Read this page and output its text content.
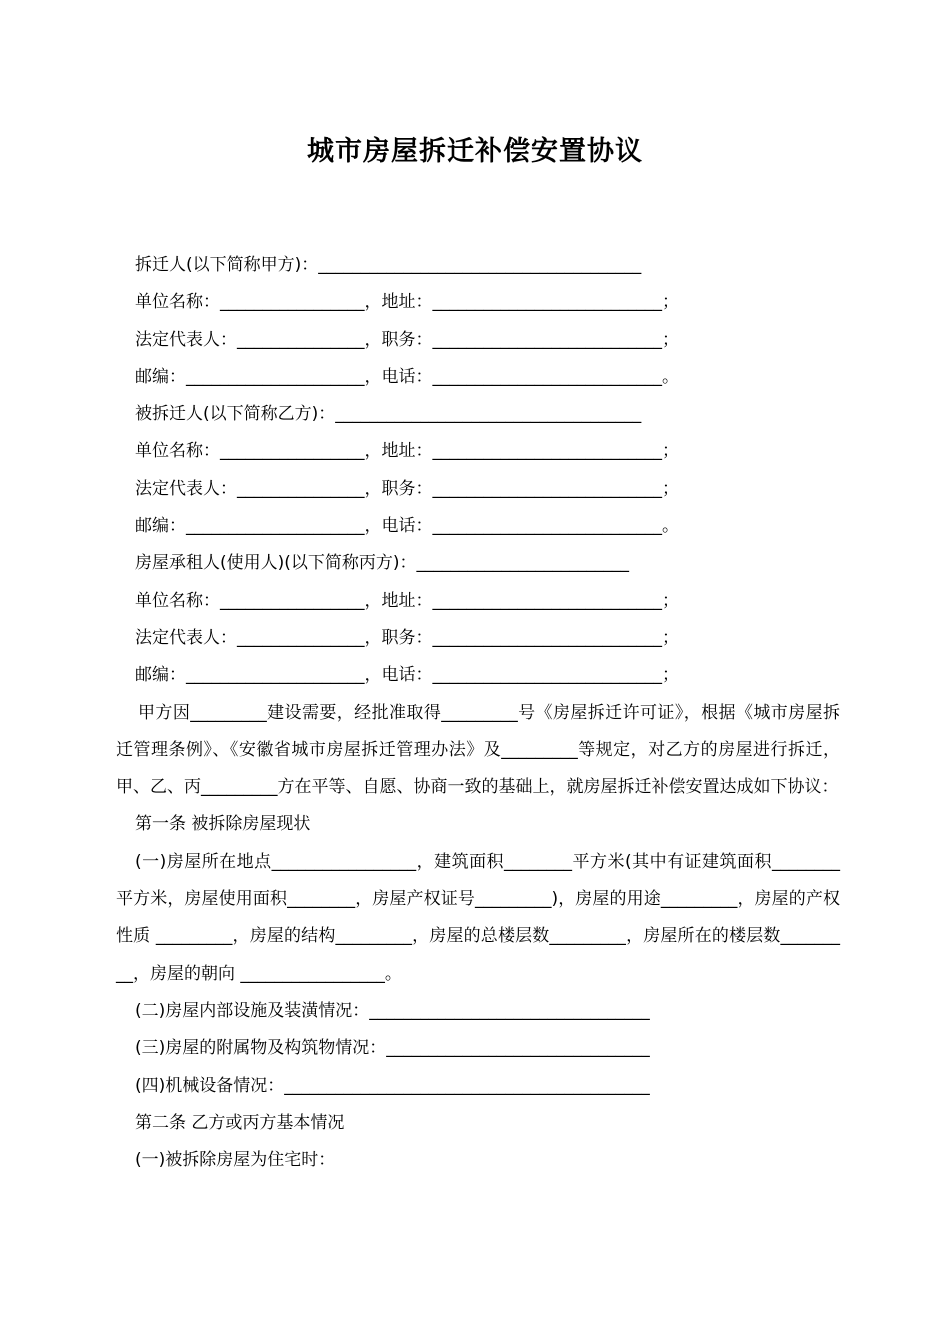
城市房屋拆迁补偿安置协议
拆迁人(以下简称甲方)：______________________________________
单位名称：_________________，地址：___________________________；
法定代表人：_______________，职务：___________________________；
邮编：_____________________，电话：___________________________。
被拆迁人(以下简称乙方)：____________________________________
单位名称：_________________，地址：___________________________；
法定代表人：_______________，职务：___________________________；
邮编：_____________________，电话：___________________________。
房屋承租人(使用人)(以下简称丙方)：_________________________
单位名称：_________________，地址：___________________________；
法定代表人：_______________，职务：___________________________；
邮编：_____________________，电话：___________________________；
甲方因_________建设需要，经批准取得_________号《房屋拆迁许可证》，根据《城市房屋拆迁管理条例》、《安徽省城市房屋拆迁管理办法》及_________等规定，对乙方的房屋进行拆迁，甲、乙、丙_________方在平等、自愿、协商一致的基础上，就房屋拆迁补偿安置达成如下协议：
第一条 被拆除房屋现状
(一)房屋所在地点_________________，建筑面积________平方米(其中有证建筑面积________平方米，房屋使用面积________，房屋产权证号_________)，房屋的用途_________，房屋的产权性质 _________，房屋的结构_________，房屋的总楼层数_________，房屋所在的楼层数_________，房屋的朝向 _________________。
(二)房屋内部设施及装潢情况：_________________________________
(三)房屋的附属物及构筑物情况：_______________________________
(四)机械设备情况：___________________________________________
第二条 乙方或丙方基本情况
(一)被拆除房屋为住宅时：
